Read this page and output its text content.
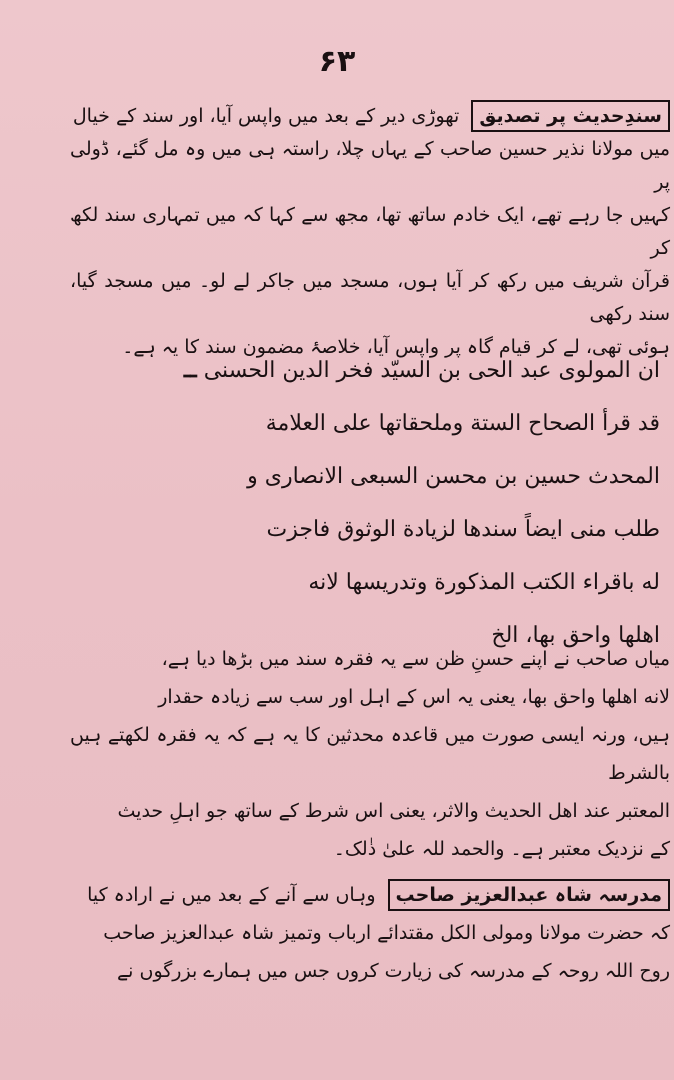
۶۳
سندِحدیث پر تصدیق تھوڑی دیر کے بعد میں واپس آیا، اور سند کے خیال
میں مولانا نذیر حسین صاحب کے یہاں چلا، راستہ ہی میں وہ مل گئے، ڈولی پر
کہیں جا رہے تھے، ایک خادم ساتھ تھا، مجھ سے کہا کہ میں تمہاری سند لکھ کر
قرآن شریف میں رکھ کر آیا ہوں، مسجد میں جاکر لے لو۔ میں مسجد گیا، سند رکھی
ہوئی تھی، لے کر قیام گاہ پر واپس آیا، خلاصۂ مضمون سند کا یہ ہے۔
ان المولوی عبد الحی بن السیّد فخر الدین الحسنی ــ
قد قرأ الصحاح الستة وملحقاتها علی العلامة
المحدث حسین بن محسن السبعی الانصاری و
طلب منی ایضاً سندها لزیادة الوثوق فاجزت
له باقراء الکتب المذکورة وتدریسها لانه
اھلها واحق بها، الخ
میاں صاحب نے اپنے حسنِ ظن سے یہ فقرہ سند میں بڑھا دیا ہے،
لانه اھلها واحق بها، یعنی یہ اس کے اہل اور سب سے زیادہ حقدار
ہیں، ورنہ ایسی صورت میں قاعدہ محدثین کا یہ ہے کہ یہ فقرہ لکھتے ہیں بالشرط
المعتبر عند اھل الحدیث والاثر، یعنی اس شرط کے ساتھ جو اہلِ حدیث
کے نزدیک معتبر ہے۔ والحمد للہ علیٰ ذٰلک۔
مدرسہ شاہ عبدالعزیز صاحب وہاں سے آنے کے بعد میں نے ارادہ کیا
کہ حضرت مولانا ومولی الکل مقتدائے ارباب وتمیز شاہ عبدالعزیز صاحب
روح اللہ روحہ کے مدرسہ کی زیارت کروں جس میں ہمارے بزرگوں نے
